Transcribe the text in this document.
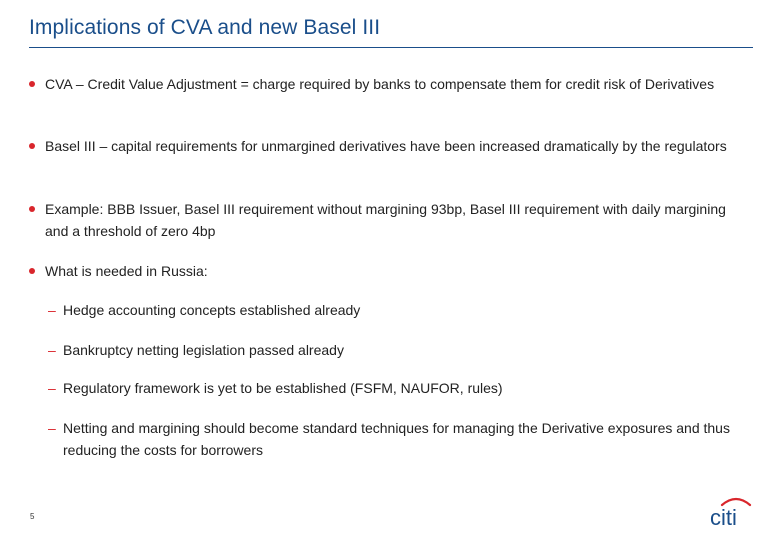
Implications of CVA and new Basel III
CVA – Credit Value Adjustment = charge required by banks to compensate them for credit risk of Derivatives
Basel III – capital requirements for unmargined derivatives have been increased dramatically by the regulators
Example: BBB Issuer, Basel III requirement without margining 93bp, Basel III requirement with daily margining and a threshold of zero 4bp
What is needed in Russia:
– Hedge accounting concepts established already
– Bankruptcy netting legislation passed already
– Regulatory framework is yet to be established (FSFM, NAUFOR, rules)
– Netting and margining should become standard techniques for managing the Derivative exposures and thus reducing the costs for borrowers
5	citi
